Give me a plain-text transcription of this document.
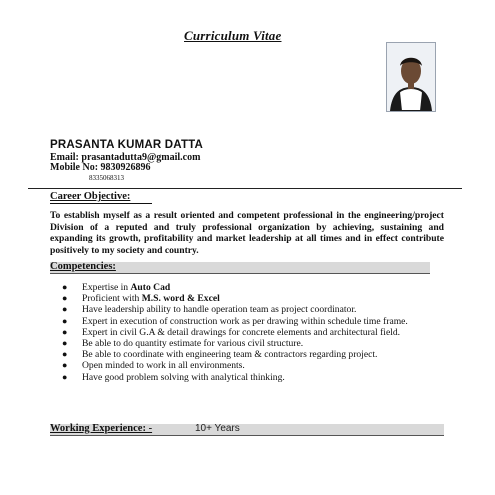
Curriculum Vitae
PRASANTA KUMAR DATTA
Email: prasantadutta9@gmail.com
Mobile No: 9830926896
8335068313
Career Objective:
To establish myself as a result oriented and competent professional in the engineering/project Division of a reputed and truly professional organization by achieving, sustaining and expanding its growth, profitability and market leadership at all times and in effect contribute positively to my society and country.
Competencies:
● Expertise in Auto Cad
● Proficient with M.S. word & Excel
● Have leadership ability to handle operation team as project coordinator.
● Expert in execution of construction work as per drawing within schedule time frame.
● Expert in civil G.A & detail drawings for concrete elements and architectural field.
● Be able to do quantity estimate for various civil structure.
● Be able to coordinate with engineering team & contractors regarding project.
● Open minded to work in all environments.
● Have good problem solving with analytical thinking.
Working Experience: -	10+ Years
